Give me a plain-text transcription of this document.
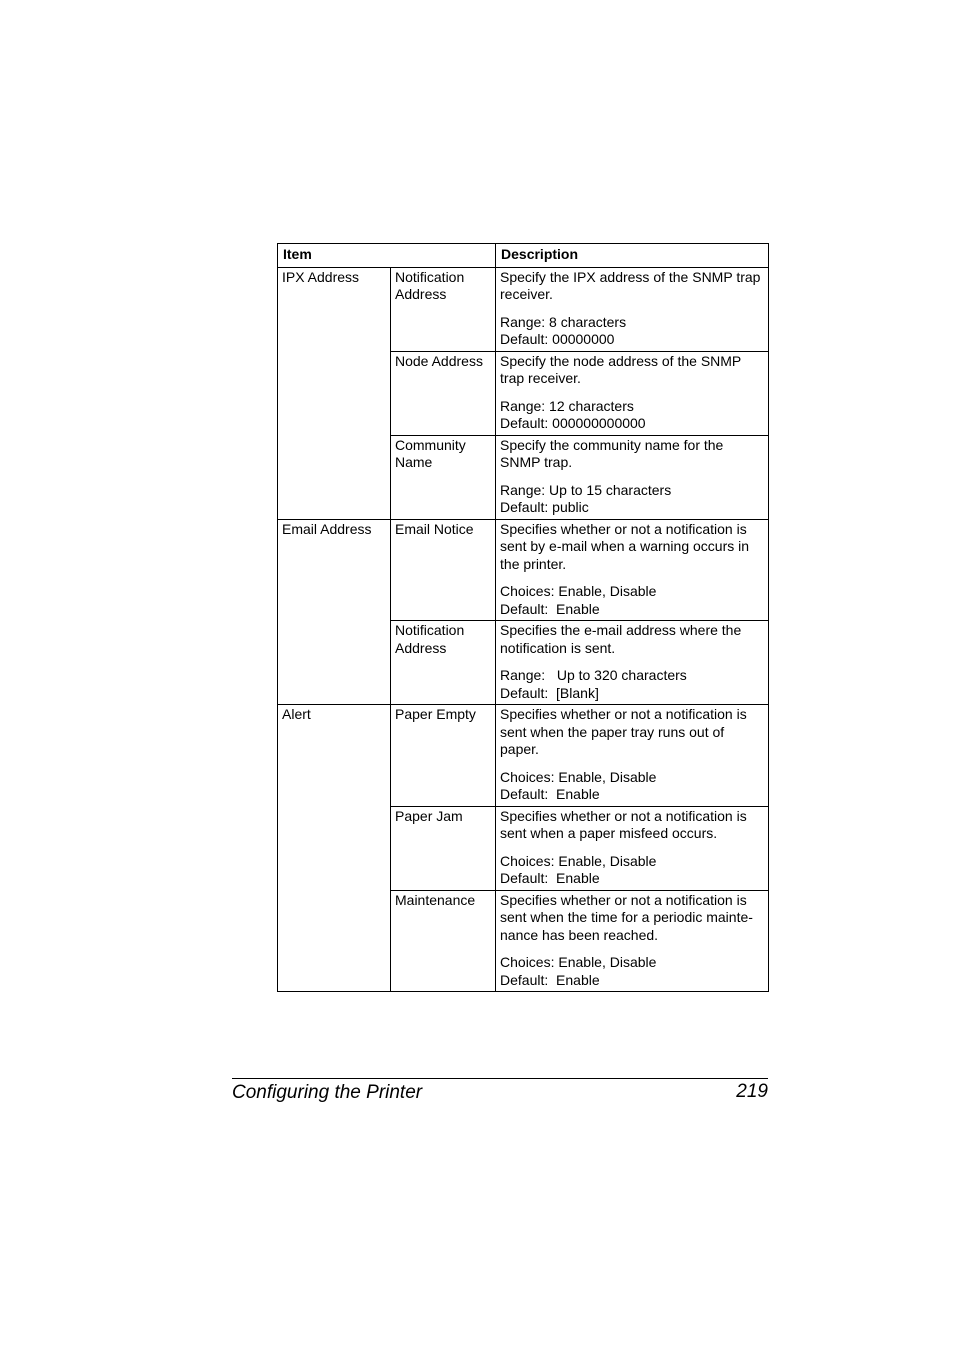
Item		Description
IPX Address	Notification Address	Specify the IPX address of the SNMP trap receiver.
Range: 8 characters
Default: 00000000

	Node Address	Specify the node address of the SNMP trap receiver.
Range: 12 characters
Default: 000000000000

	Community Name	Specify the community name for the SNMP trap.
Range: Up to 15 characters
Default: public

Email Address	Email Notice	Specifies whether or not a notification is sent by e-mail when a warning occurs in the printer.
Choices: Enable, Disable
Default:  Enable

	Notification Address	Specifies the e-mail address where the notification is sent.
Range:   Up to 320 characters
Default:  [Blank]

Alert	Paper Empty	Specifies whether or not a notification is sent when the paper tray runs out of paper.
Choices: Enable, Disable
Default:  Enable

	Paper Jam	Specifies whether or not a notification is sent when a paper misfeed occurs.
Choices: Enable, Disable
Default:  Enable

	Maintenance	Specifies whether or not a notification is sent when the time for a periodic mainte-nance has been reached.
Choices: Enable, Disable
Default:  Enable
Configuring the Printer	219
